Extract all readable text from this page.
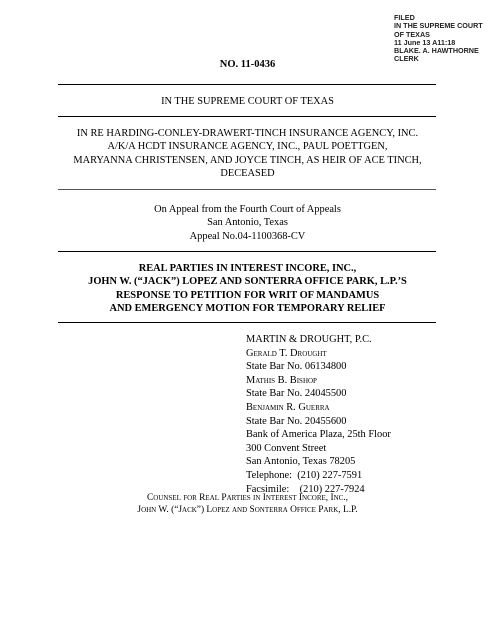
FILED
IN THE SUPREME COURT
OF TEXAS
11 June 13 A11:18
BLAKE. A. HAWTHORNE
CLERK
NO. 11-0436
IN THE SUPREME COURT OF TEXAS
IN RE HARDING-CONLEY-DRAWERT-TINCH INSURANCE AGENCY, INC.
A/K/A HCDT INSURANCE AGENCY, INC., PAUL POETTGEN,
MARYANNA CHRISTENSEN, AND JOYCE TINCH, AS HEIR OF ACE TINCH,
DECEASED
On Appeal from the Fourth Court of Appeals
San Antonio, Texas
Appeal No.04-1100368-CV
REAL PARTIES IN INTEREST INCORE, INC.,
JOHN W. (“JACK”) LOPEZ AND SONTERRA OFFICE PARK, L.P.’S
RESPONSE TO PETITION FOR WRIT OF MANDAMUS
AND EMERGENCY MOTION FOR TEMPORARY RELIEF
MARTIN & DROUGHT, P.C.
Gerald T. Drought
State Bar No. 06134800
Mathis B. Bishop
State Bar No. 24045500
Benjamin R. Guerra
State Bar No. 20455600
Bank of America Plaza, 25th Floor
300 Convent Street
San Antonio, Texas 78205
Telephone:  (210) 227-7591
Facsimile:    (210) 227-7924
Counsel for Real Parties in Interest Incore, Inc.,
John W. (“Jack”) Lopez and Sonterra Office Park, L.P.
